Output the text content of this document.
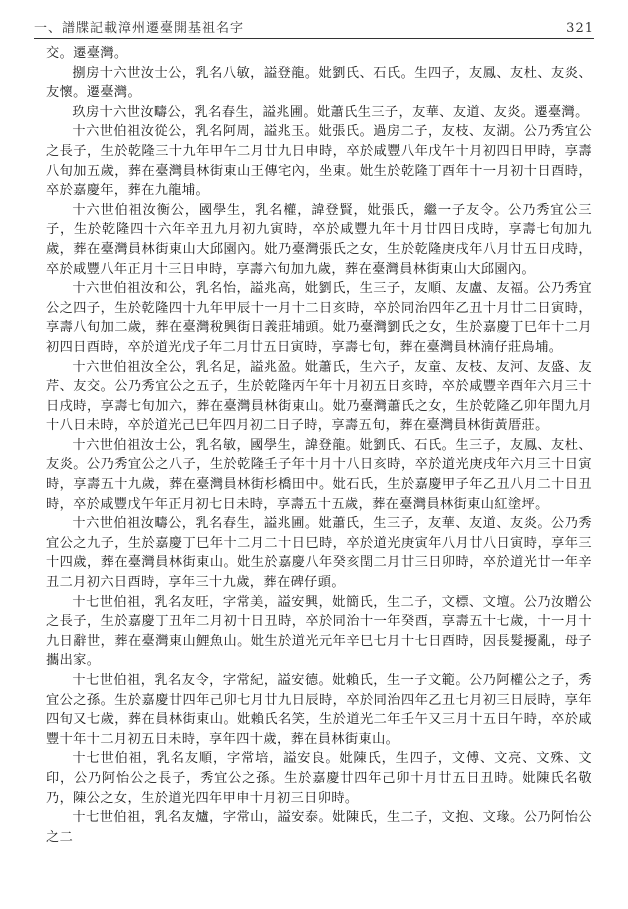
一、譜牒記載漳州遷臺開基祖名字	321

交。遷臺灣。

捌房十六世汝士公，乳名八敏，謚登龍。妣劉氏、石氏。生四子，友鳳、友杜、友炎、友懷。遷臺灣。

玖房十六世汝疇公，乳名春生，謚兆圃。妣蕭氏生三子，友華、友道、友炎。遷臺灣。

十六世伯祖汝從公，乳名阿周，謚兆玉。妣張氏。過房二子，友枝、友湖。公乃秀宜公之長子，生於乾隆三十九年甲午二月廿九日申時，卒於咸豐八年戊午十月初四日甲時，享壽八旬加五歲，葬在臺灣員林街東山王傳宅內，坐東。妣生於乾隆丁酉年十一月初十日酉時，卒於嘉慶年，葬在九龍埔。

十六世伯祖汝衡公，國學生，乳名權，諱登賢，妣張氏，繼一子友令。公乃秀宜公三子，生於乾隆四十六年辛丑九月初九寅時，卒於咸豐九年十月廿四日戌時，享壽七旬加九歲，葬在臺灣員林街東山大邱園內。妣乃臺灣張氏之女，生於乾隆庚戌年八月廿五日戌時，卒於咸豐八年正月十三日申時，享壽六旬加九歲，葬在臺灣員林街東山大邱園內。

十六世伯祖汝和公，乳名怡，謚兆高，妣劉氏，生三子，友順、友盧、友福。公乃秀宜公之四子，生於乾隆四十九年甲辰十一月十二日亥時，卒於同治四年乙丑十月廿二日寅時，享壽八旬加二歲，葬在臺灣稅興街日義莊埔頭。妣乃臺灣劉氏之女，生於嘉慶丁巳年十二月初四日酉時，卒於道光戊子年二月廿五日寅時，享壽七旬，葬在臺灣員林湳仔莊鳥埔。

十六世伯祖汝全公，乳名足，謚兆盈。妣蕭氏，生六子，友童、友枝、友河、友盛、友芹、友交。公乃秀宜公之五子，生於乾隆丙午年十月初五日亥時，卒於咸豐辛酉年六月三十日戌時，享壽七旬加六，葬在臺灣員林街東山。妣乃臺灣蕭氏之女，生於乾隆乙卯年閏九月十八日未時，卒於道光己巳年四月初二日子時，享壽五旬，葬在臺灣員林街黃厝莊。

十六世伯祖汝士公，乳名敏，國學生，諱登龍。妣劉氏、石氏。生三子，友鳳、友杜、友炎。公乃秀宜公之八子，生於乾隆壬子年十月十八日亥時，卒於道光庚戌年六月三十日寅時，享壽五十九歲，葬在臺灣員林街杉橋田中。妣石氏，生於嘉慶甲子年乙丑八月二十日丑時，卒於咸豐戊午年正月初七日未時，享壽五十五歲，葬在臺灣員林街東山紅塗坪。

十六世伯祖汝疇公，乳名春生，謚兆圃。妣蕭氏，生三子，友華、友道、友炎。公乃秀宜公之九子，生於嘉慶丁巳年十二月二十日巳時，卒於道光庚寅年八月廿八日寅時，享年三十四歲，葬在臺灣員林街東山。妣生於嘉慶八年癸亥閏二月廿三日卯時，卒於道光廿一年辛丑二月初六日酉時，享年三十九歲，葬在碑仔頭。

十七世伯祖，乳名友旺，字常美，謚安興，妣簡氏，生二子，文標、文壇。公乃汝贈公之長子，生於嘉慶丁丑年二月初十日丑時，卒於同治十一年癸酉，享壽五十七歲，十一月十九日辭世，葬在臺灣東山鯉魚山。妣生於道光元年辛巳七月十七日酉時，因長髮擾亂，母子攜出家。

十七世伯祖，乳名友令，字常紀，謚安德。妣賴氏，生一子文範。公乃阿權公之子，秀宜公之孫。生於嘉慶廿四年己卯七月廿九日辰時，卒於同治四年乙丑七月初三日辰時，享年四旬又七歲，葬在員林街東山。妣賴氏名笑，生於道光二年壬午又三月十五日午時，卒於咸豐十年十二月初五日未時，享年四十歲，葬在員林街東山。

十七世伯祖，乳名友順，字常培，謚安良。妣陳氏，生四子，文傅、文亮、文殊、文印，公乃阿怡公之長子，秀宜公之孫。生於嘉慶廿四年己卯十月廿五日丑時。妣陳氏名敬乃，陳公之女，生於道光四年甲申十月初三日卯時。

十七世伯祖，乳名友爐，字常山，謚安泰。妣陳氏，生二子，文抱、文瑑。公乃阿怡公之二
